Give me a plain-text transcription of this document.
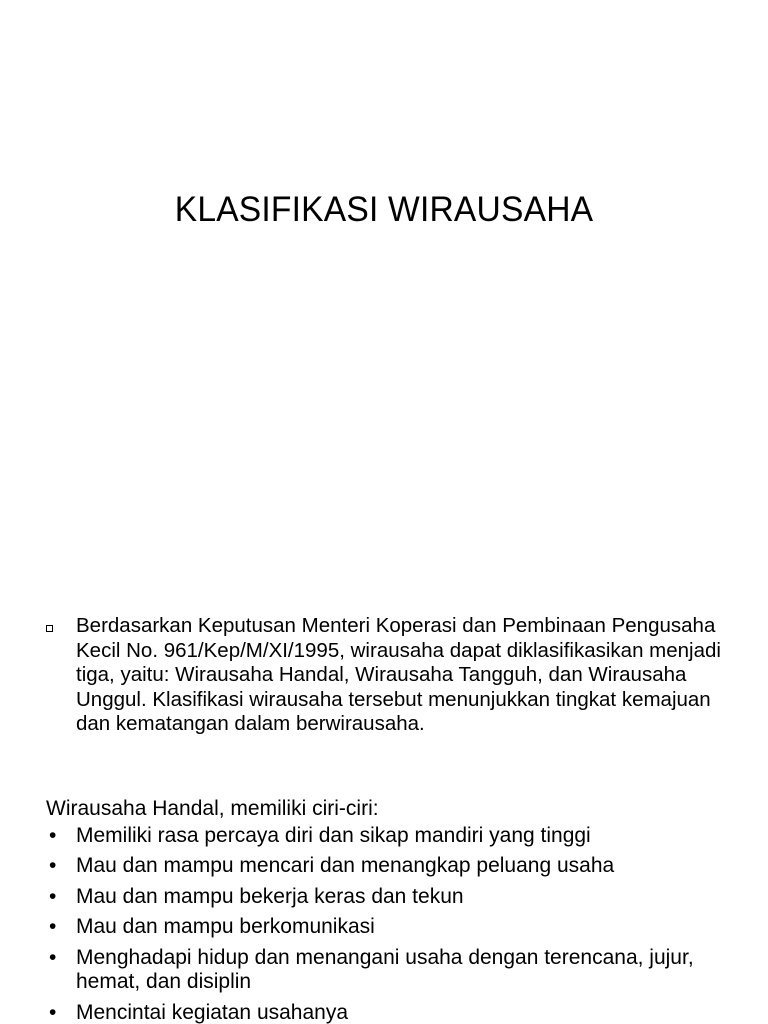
KLASIFIKASI WIRAUSAHA
Berdasarkan Keputusan Menteri Koperasi dan Pembinaan Pengusaha Kecil No. 961/Kep/M/XI/1995, wirausaha dapat diklasifikasikan menjadi tiga, yaitu: Wirausaha Handal, Wirausaha Tangguh, dan Wirausaha Unggul. Klasifikasi wirausaha tersebut menunjukkan tingkat kemajuan dan kematangan dalam berwirausaha.
Wirausaha Handal, memiliki ciri-ciri:
• Memiliki rasa percaya diri dan sikap mandiri yang tinggi
• Mau dan mampu mencari dan menangkap peluang usaha
• Mau dan mampu bekerja keras dan tekun
• Mau dan mampu berkomunikasi
• Menghadapi hidup dan menangani usaha dengan terencana, jujur, hemat, dan disiplin
• Mencintai kegiatan usahanya
